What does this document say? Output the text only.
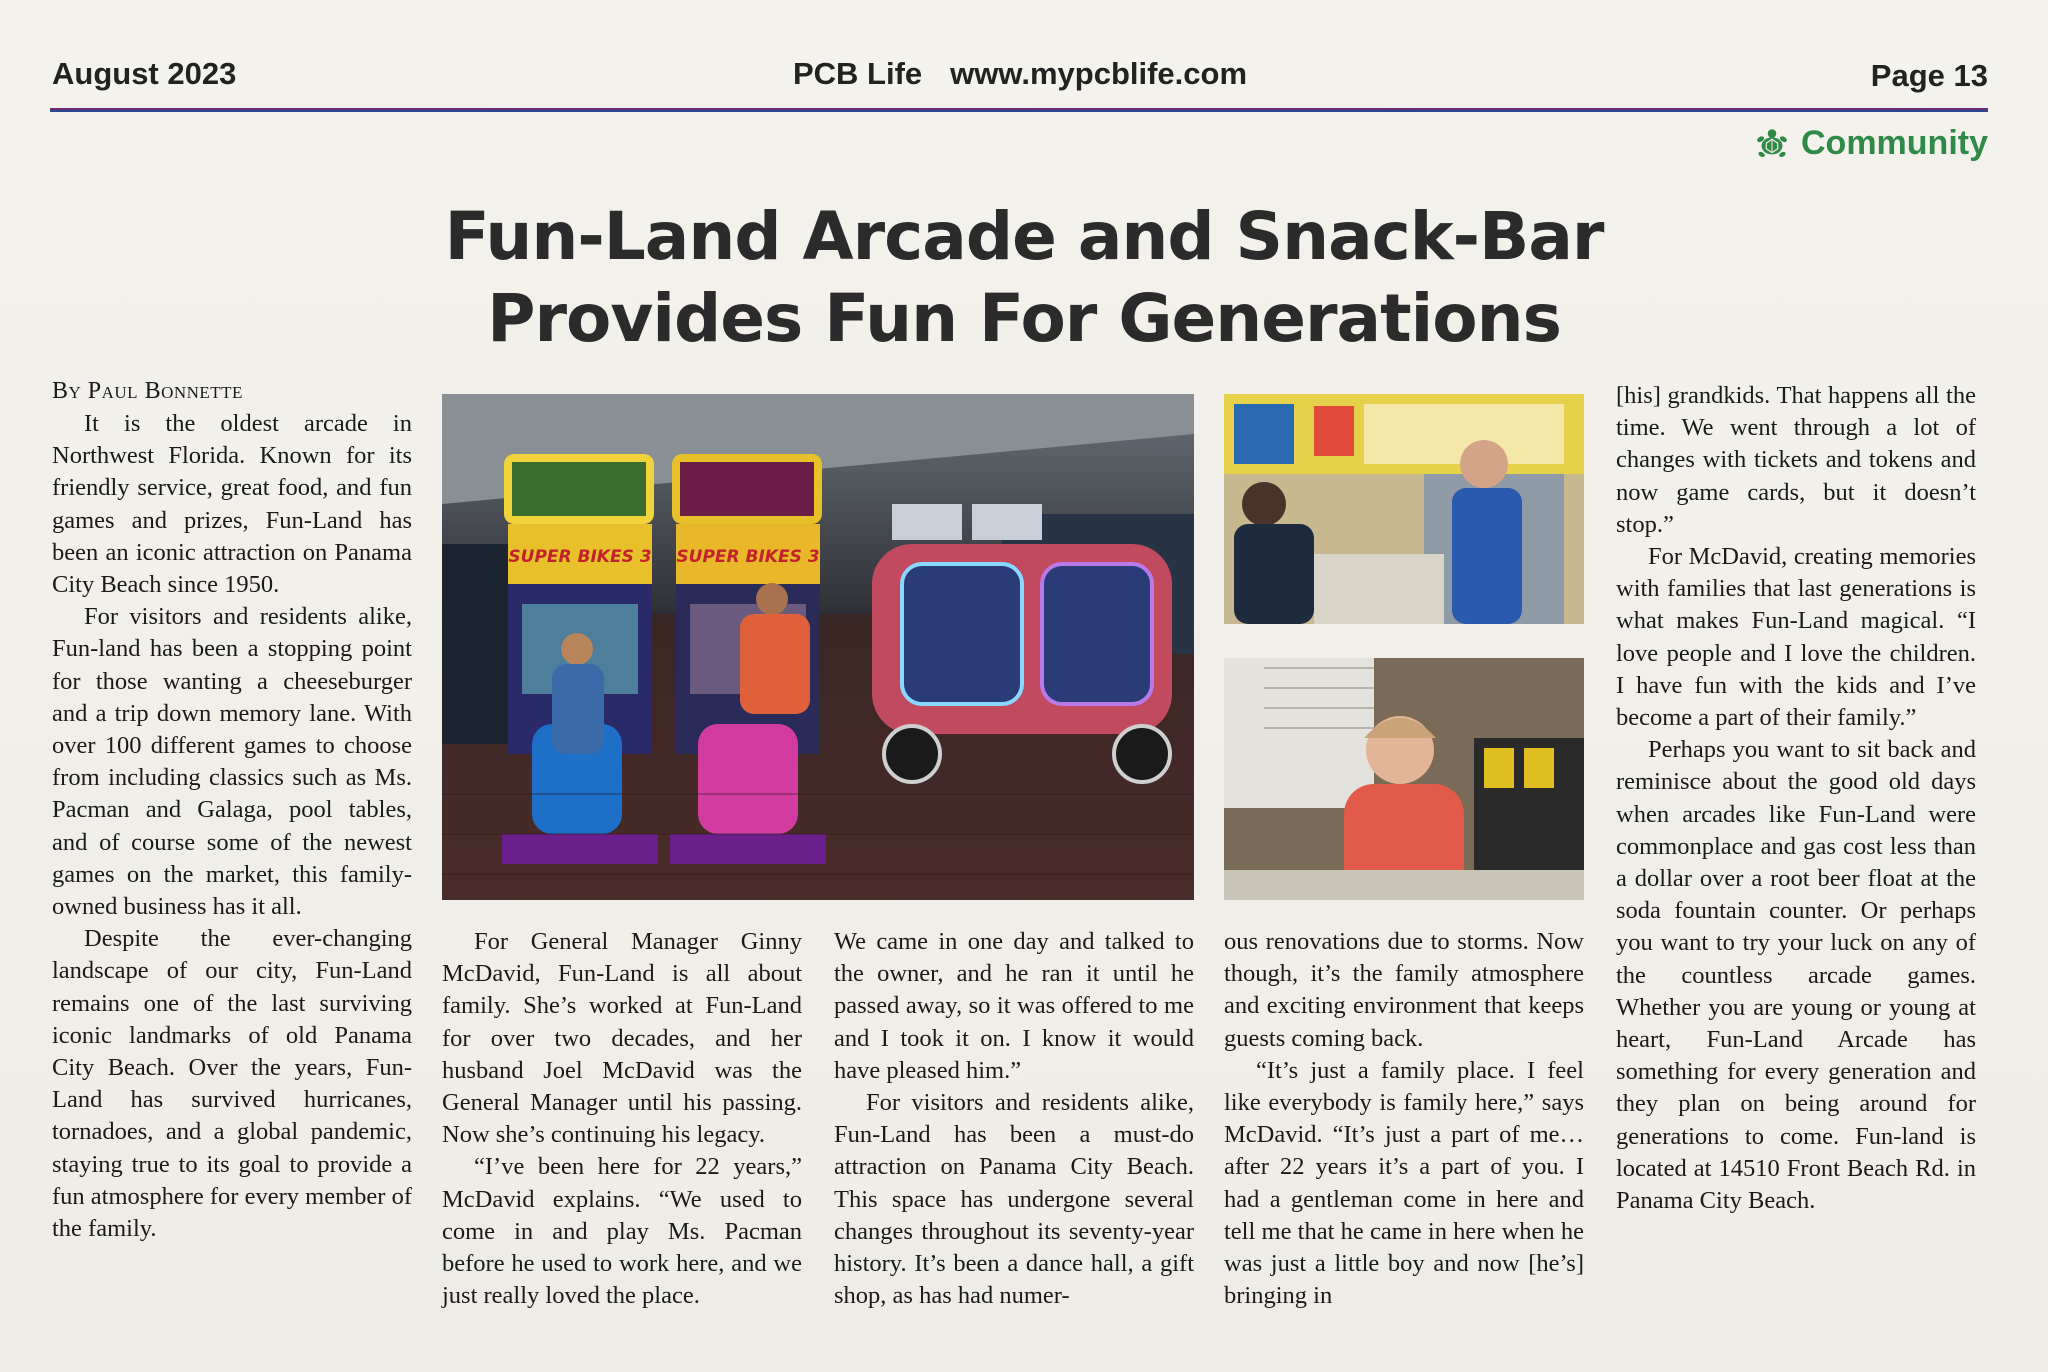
August 2023	PCB Life www.mypcblife.com	Page 13
Community
Fun-Land Arcade and Snack-Bar
Provides Fun For Generations
By Paul Bonnette

It is the oldest arcade in Northwest Florida. Known for its friendly service, great food, and fun games and prizes, Fun-Land has been an iconic attraction on Panama City Beach since 1950.

For visitors and residents alike, Fun-land has been a stopping point for those wanting a cheeseburger and a trip down memory lane. With over 100 different games to choose from including classics such as Ms. Pacman and Galaga, pool tables, and of course some of the newest games on the market, this family-owned business has it all.

Despite the ever-changing landscape of our city, Fun-Land remains one of the last surviving iconic landmarks of old Panama City Beach. Over the years, Fun-Land has survived hurricanes, tornadoes, and a global pandemic, staying true to its goal to provide a fun atmosphere for every member of the family.

SUPER BIKES 3 SUPER BIKES 3

For General Manager Ginny McDavid, Fun-Land is all about family. She’s worked at Fun-Land for over two decades, and her husband Joel McDavid was the General Manager until his passing. Now she’s continuing his legacy.

“I’ve been here for 22 years,” McDavid explains. “We used to come in and play Ms. Pacman before he used to work here, and we just really loved the place.

We came in one day and talked to the owner, and he ran it until he passed away, so it was offered to me and I took it on. I know it would have pleased him.”

For visitors and residents alike, Fun-Land has been a must-do attraction on Panama City Beach. This space has undergone several changes throughout its seventy-year history. It’s been a dance hall, a gift shop, as has had numer-

ous renovations due to storms. Now though, it’s the family atmosphere and exciting environment that keeps guests coming back.

“It’s just a family place. I feel like everybody is family here,” says McDavid. “It’s just a part of me…after 22 years it’s a part of you. I had a gentleman come in here and tell me that he came in here when he was just a little boy and now [he’s] bringing in

[his] grandkids. That happens all the time. We went through a lot of changes with tickets and tokens and now game cards, but it doesn’t stop.”

For McDavid, creating memories with families that last generations is what makes Fun-Land magical. “I love people and I love the children. I have fun with the kids and I’ve become a part of their family.”

Perhaps you want to sit back and reminisce about the good old days when arcades like Fun-Land were commonplace and gas cost less than a dollar over a root beer float at the soda fountain counter. Or perhaps you want to try your luck on any of the countless arcade games. Whether you are young or young at heart, Fun-Land Arcade has something for every generation and they plan on being around for generations to come. Fun-land is located at 14510 Front Beach Rd. in Panama City Beach.
